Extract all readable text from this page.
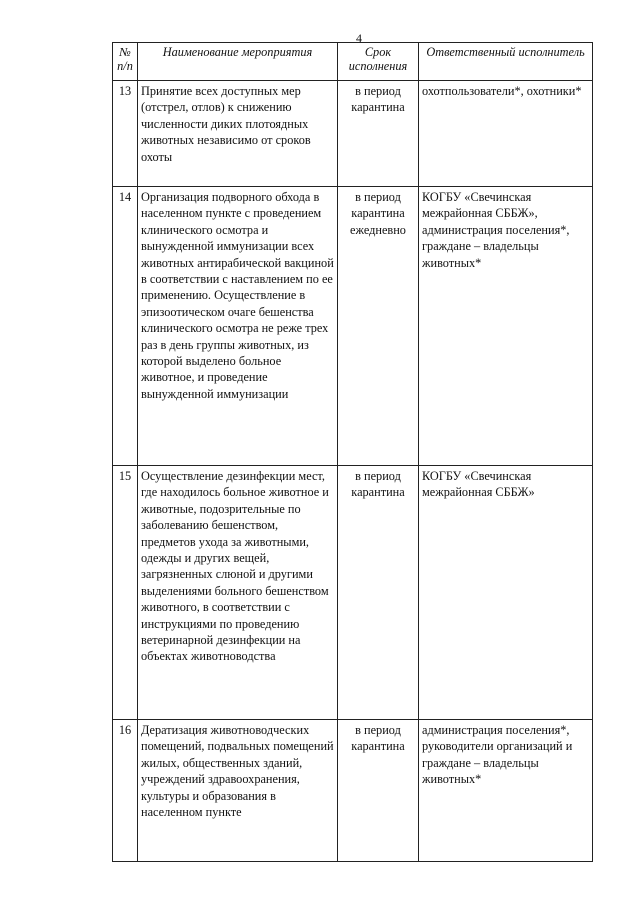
4
№ п/п	Наименование мероприятия	Срок исполнения	Ответственный исполнитель

13	Принятие всех доступных мер (отстрел, отлов) к снижению численности диких плотоядных животных независимо от сроков охоты	в период карантина	охотпользователи*, охотники*
14	Организация подворного обхода в населенном пункте с проведением клинического осмотра и вынужденной иммунизации всех животных антирабической вакциной в соответствии с наставлением по ее применению. Осуществление в эпизоотическом очаге бешенства клинического осмотра не реже трех раз в день группы животных, из которой выделено больное животное, и проведение вынужденной иммунизации	в период карантина ежедневно	КОГБУ «Свечинская межрайонная СББЖ», администрация поселения*, граждане – владельцы животных*
15	Осуществление дезинфекции мест, где находилось больное животное и животные, подозрительные по заболеванию бешенством, предметов ухода за животными, одежды и других вещей, загрязненных слюной и другими выделениями больного бешенством животного, в соответствии с инструкциями по проведению ветеринарной дезинфекции на объектах животноводства	в период карантина	КОГБУ «Свечинская межрайонная СББЖ»
16	Дератизация животноводческих помещений, подвальных помещений жилых, общественных зданий, учреждений здравоохранения, культуры и образования в населенном пункте	в период карантина	администрация поселения*, руководители организаций и граждане – владельцы животных*
